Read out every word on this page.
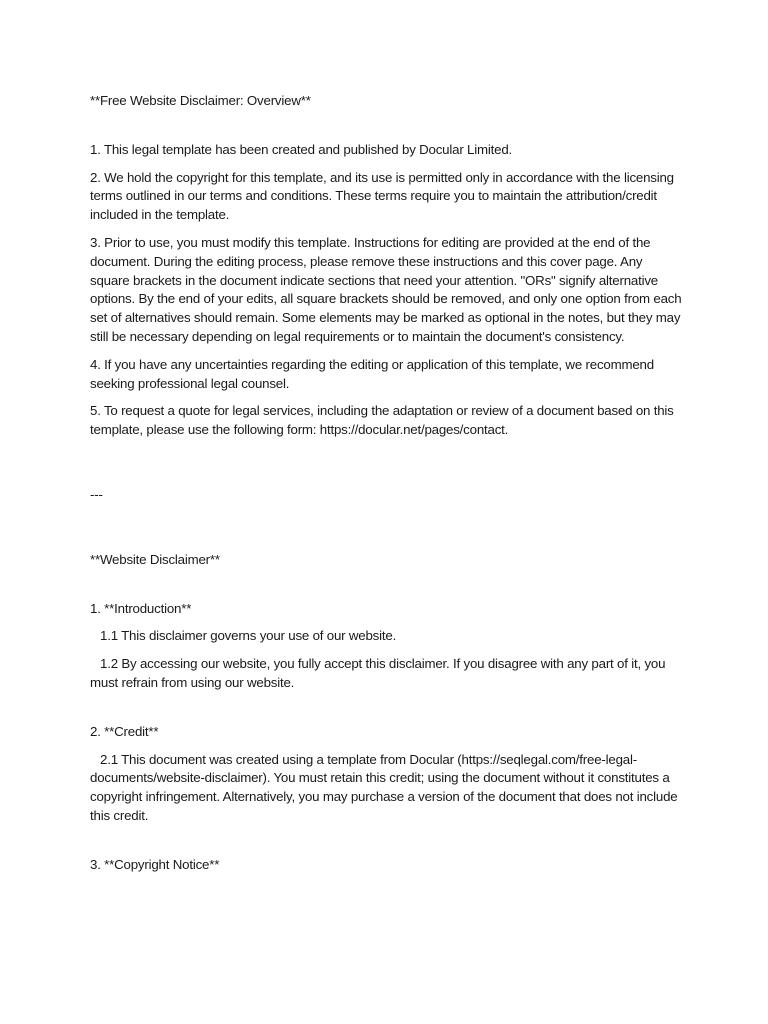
**Free Website Disclaimer: Overview**

1. This legal template has been created and published by Docular Limited.

2. We hold the copyright for this template, and its use is permitted only in accordance with the licensing terms outlined in our terms and conditions. These terms require you to maintain the attribution/credit included in the template.

3. Prior to use, you must modify this template. Instructions for editing are provided at the end of the document. During the editing process, please remove these instructions and this cover page. Any square brackets in the document indicate sections that need your attention. "ORs" signify alternative options. By the end of your edits, all square brackets should be removed, and only one option from each set of alternatives should remain. Some elements may be marked as optional in the notes, but they may still be necessary depending on legal requirements or to maintain the document's consistency.

4. If you have any uncertainties regarding the editing or application of this template, we recommend seeking professional legal counsel.

5. To request a quote for legal services, including the adaptation or review of a document based on this template, please use the following form: https://docular.net/pages/contact.

---

**Website Disclaimer**

1. **Introduction**

1.1 This disclaimer governs your use of our website.

1.2 By accessing our website, you fully accept this disclaimer. If you disagree with any part of it, you must refrain from using our website.

2. **Credit**

2.1 This document was created using a template from Docular (https://seqlegal.com/free-legal-documents/website-disclaimer). You must retain this credit; using the document without it constitutes a copyright infringement. Alternatively, you may purchase a version of the document that does not include this credit.

3. **Copyright Notice**
